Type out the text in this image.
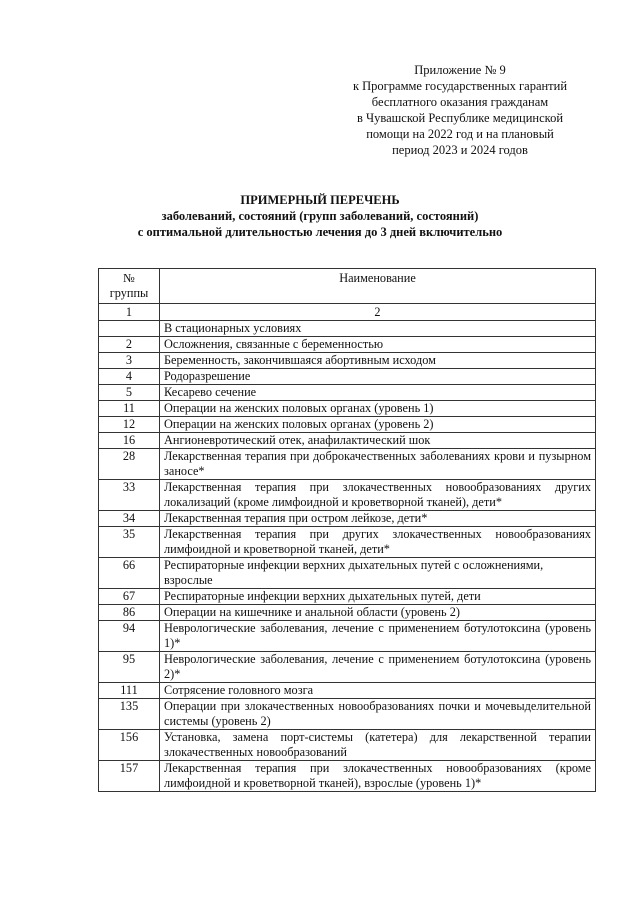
Приложение № 9
к Программе государственных гарантий
бесплатного оказания гражданам
в Чувашской Республике медицинской
помощи на 2022 год и на плановый
период 2023 и 2024 годов
ПРИМЕРНЫЙ ПЕРЕЧЕНЬ
заболеваний, состояний (групп заболеваний, состояний)
с оптимальной длительностью лечения до 3 дней включительно
№
группы	Наименование
1	2
	В стационарных условиях
2	Осложнения, связанные с беременностью
3	Беременность, закончившаяся абортивным исходом
4	Родоразрешение
5	Кесарево сечение
11	Операции на женских половых органах (уровень 1)
12	Операции на женских половых органах (уровень 2)
16	Ангионевротический отек, анафилактический шок
28	Лекарственная терапия при доброкачественных заболеваниях крови и пузырном заносе*
33	Лекарственная терапия при злокачественных новообразованиях других локализаций (кроме лимфоидной и кроветворной тканей), дети*
34	Лекарственная терапия при остром лейкозе, дети*
35	Лекарственная терапия при других злокачественных новообразованиях лимфоидной и кроветворной тканей, дети*
66	Респираторные инфекции верхних дыхательных путей с осложнениями, взрослые
67	Респираторные инфекции верхних дыхательных путей, дети
86	Операции на кишечнике и анальной области (уровень 2)
94	Неврологические заболевания, лечение с применением ботулотоксина (уровень 1)*
95	Неврологические заболевания, лечение с применением ботулотоксина (уровень 2)*
111	Сотрясение головного мозга
135	Операции при злокачественных новообразованиях почки и мочевыделительной системы (уровень 2)
156	Установка, замена порт-системы (катетера) для лекарственной терапии злокачественных новообразований
157	Лекарственная терапия при злокачественных новообразованиях (кроме лимфоидной и кроветворной тканей), взрослые (уровень 1)*
